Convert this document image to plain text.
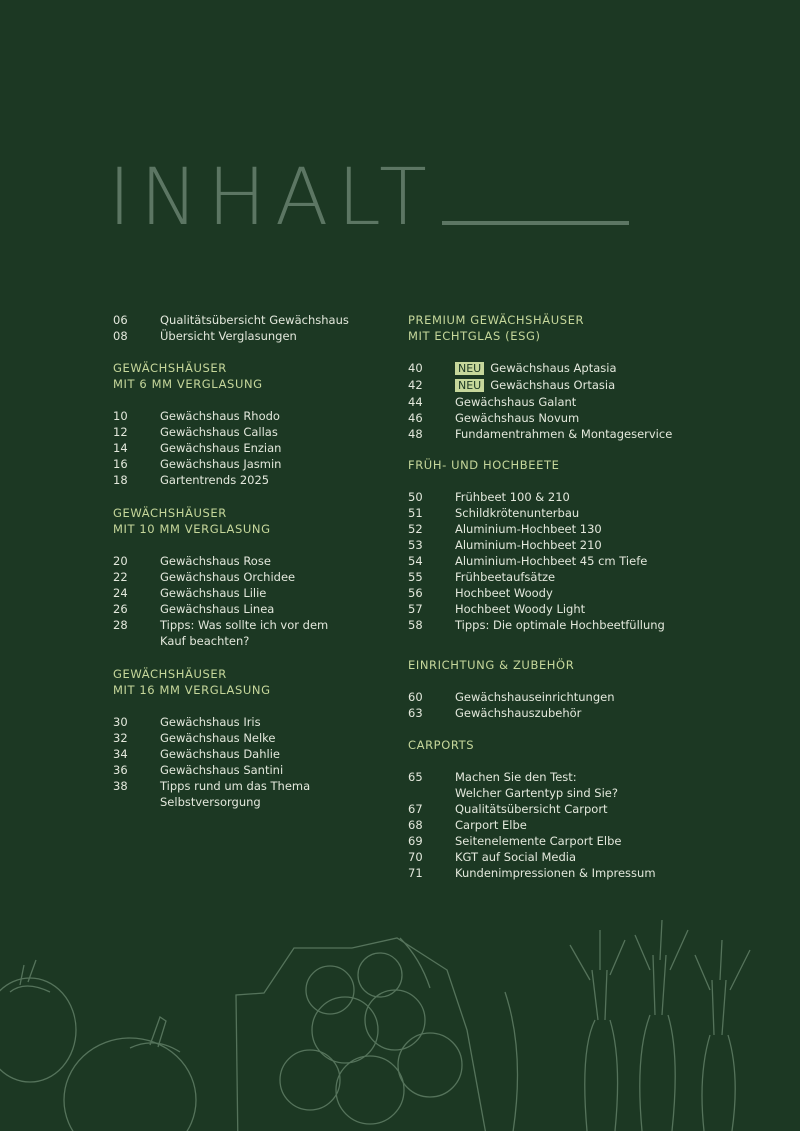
INHALT
06	Qualitätsübersicht Gewächshaus
08	Übersicht Verglasungen
GEWÄCHSHÄUSER
MIT 6 MM VERGLASUNG
10	Gewächshaus Rhodo
12	Gewächshaus Callas
14	Gewächshaus Enzian
16	Gewächshaus Jasmin
18	Gartentrends 2025
GEWÄCHSHÄUSER
MIT 10 MM VERGLASUNG
20	Gewächshaus Rose
22	Gewächshaus Orchidee
24	Gewächshaus Lilie
26	Gewächshaus Linea
28	Tipps: Was sollte ich vor dem
Kauf beachten?
GEWÄCHSHÄUSER
MIT 16 MM VERGLASUNG
30	Gewächshaus Iris
32	Gewächshaus Nelke
34	Gewächshaus Dahlie
36	Gewächshaus Santini
38	Tipps rund um das Thema
Selbstversorgung
PREMIUM GEWÄCHSHÄUSER
MIT ECHTGLAS (ESG)
40	NEU Gewächshaus Aptasia
42	NEU Gewächshaus Ortasia
44	Gewächshaus Galant
46	Gewächshaus Novum
48	Fundamentrahmen & Montageservice
FRÜH- UND HOCHBEETE
50	Frühbeet 100 & 210
51	Schildkrötenunterbau
52	Aluminium-Hochbeet 130
53	Aluminium-Hochbeet 210
54	Aluminium-Hochbeet 45 cm Tiefe
55	Frühbeetaufsätze
56	Hochbeet Woody
57	Hochbeet Woody Light
58	Tipps: Die optimale Hochbeetfüllung
EINRICHTUNG & ZUBEHÖR
60	Gewächshauseinrichtungen
63	Gewächshauszubehör
CARPORTS
65	Machen Sie den Test:
Welcher Gartentyp sind Sie?
67	Qualitätsübersicht Carport
68	Carport Elbe
69	Seitenelemente Carport Elbe
70	KGT auf Social Media
71	Kundenimpressionen & Impressum
